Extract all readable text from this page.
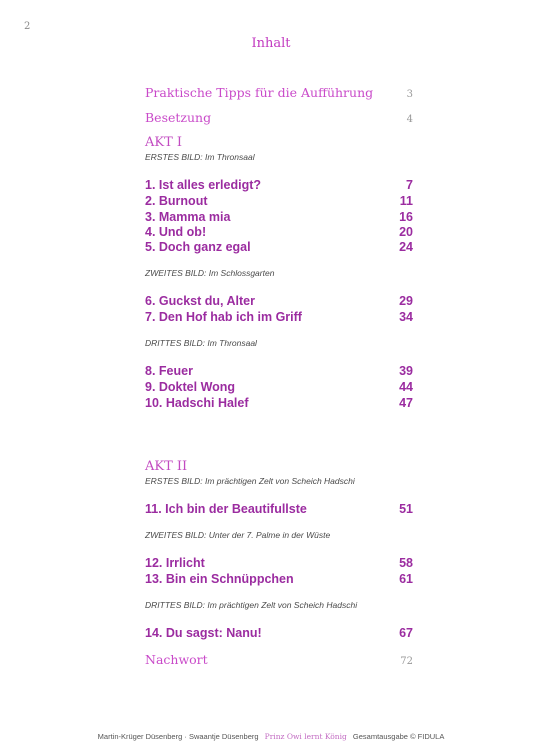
2
Inhalt
Praktische Tipps für die Aufführung	3
Besetzung	4
AKT I
ERSTES BILD: Im Thronsaal
1. Ist alles erledigt?	7
2. Burnout	11
3. Mamma mia	16
4. Und ob!	20
5. Doch ganz egal	24
ZWEITES BILD: Im Schlossgarten
6. Guckst du, Alter	29
7. Den Hof hab ich im Griff	34
DRITTES BILD: Im Thronsaal
8. Feuer	39
9. Doktel Wong	44
10. Hadschi Halef	47
AKT II
ERSTES BILD: Im prächtigen Zelt von Scheich Hadschi
11. Ich bin der Beautifullste	51
ZWEITES BILD: Unter der 7. Palme in der Wüste
12. Irrlicht	58
13. Bin ein Schnüppchen	61
DRITTES BILD: Im prächtigen Zelt von Scheich Hadschi
14. Du sagst: Nanu!	67
Nachwort	72
Martin-Krüger Düsenberg · Swaantje Düsenberg Prinz Owi lernt König Gesamtausgabe © FIDULA
